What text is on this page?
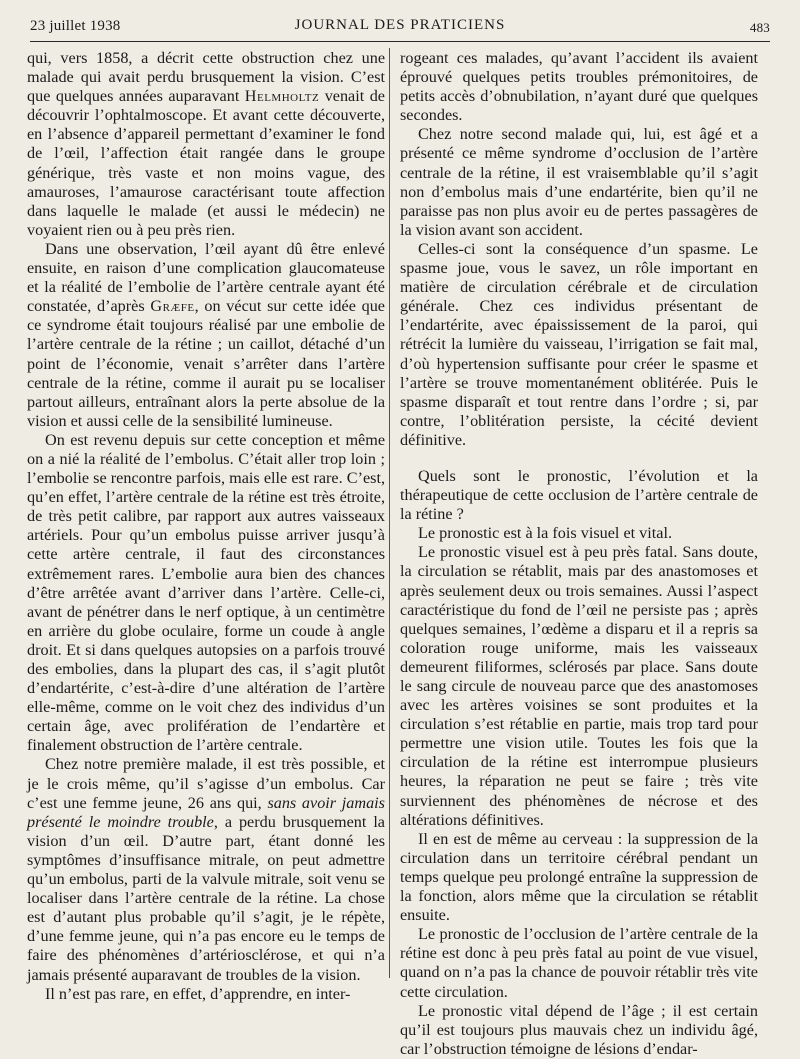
23 juillet 1938	JOURNAL DES PRATICIENS	483

qui, vers 1858, a décrit cette obstruction chez une malade qui avait perdu brusquement la vision. C’est que quelques années auparavant Helmholtz venait de découvrir l’ophtalmoscope. Et avant cette découverte, en l’absence d’appareil permettant d’examiner le fond de l’œil, l’affection était rangée dans le groupe générique, très vaste et non moins vague, des amauroses, l’amaurose caractérisant toute affection dans laquelle le malade (et aussi le médecin) ne voyaient rien ou à peu près rien.

Dans une observation, l’œil ayant dû être enlevé ensuite, en raison d’une complication glaucomateuse et la réalité de l’embolie de l’artère centrale ayant été constatée, d’après Græfe, on vécut sur cette idée que ce syndrome était toujours réalisé par une embolie de l’artère centrale de la rétine ; un caillot, détaché d’un point de l’économie, venait s’arrêter dans l’artère centrale de la rétine, comme il aurait pu se localiser partout ailleurs, entraînant alors la perte absolue de la vision et aussi celle de la sensibilité lumineuse.

On est revenu depuis sur cette conception et même on a nié la réalité de l’embolus. C’était aller trop loin ; l’embolie se rencontre parfois, mais elle est rare. C’est, qu’en effet, l’artère centrale de la rétine est très étroite, de très petit calibre, par rapport aux autres vaisseaux artériels. Pour qu’un embolus puisse arriver jusqu’à cette artère centrale, il faut des circonstances extrêmement rares. L’embolie aura bien des chances d’être arrêtée avant d’arriver dans l’artère. Celle-ci, avant de pénétrer dans le nerf optique, à un centimètre en arrière du globe oculaire, forme un coude à angle droit. Et si dans quelques autopsies on a parfois trouvé des embolies, dans la plupart des cas, il s’agit plutôt d’endartérite, c’est-à-dire d’une altération de l’artère elle-même, comme on le voit chez des individus d’un certain âge, avec prolifération de l’endartère et finalement obstruction de l’artère centrale.

Chez notre première malade, il est très possible, et je le crois même, qu’il s’agisse d’un embolus. Car c’est une femme jeune, 26 ans qui, sans avoir jamais présenté le moindre trouble, a perdu brusquement la vision d’un œil. D’autre part, étant donné les symptômes d’insuffisance mitrale, on peut admettre qu’un embolus, parti de la valvule mitrale, soit venu se localiser dans l’artère centrale de la rétine. La chose est d’autant plus probable qu’il s’agit, je le répète, d’une femme jeune, qui n’a pas encore eu le temps de faire des phénomènes d’artériosclérose, et qui n’a jamais présenté auparavant de troubles de la vision.

Il n’est pas rare, en effet, d’apprendre, en inter-

rogeant ces malades, qu’avant l’accident ils avaient éprouvé quelques petits troubles prémonitoires, de petits accès d’obnubilation, n’ayant duré que quelques secondes.

Chez notre second malade qui, lui, est âgé et a présenté ce même syndrome d’occlusion de l’artère centrale de la rétine, il est vraisemblable qu’il s’agit non d’embolus mais d’une endartérite, bien qu’il ne paraisse pas non plus avoir eu de pertes passagères de la vision avant son accident.

Celles-ci sont la conséquence d’un spasme. Le spasme joue, vous le savez, un rôle important en matière de circulation cérébrale et de circulation générale. Chez ces individus présentant de l’endartérite, avec épaississement de la paroi, qui rétrécit la lumière du vaisseau, l’irrigation se fait mal, d’où hypertension suffisante pour créer le spasme et l’artère se trouve momentanément oblitérée. Puis le spasme disparaît et tout rentre dans l’ordre ; si, par contre, l’oblitération persiste, la cécité devient définitive.

Quels sont le pronostic, l’évolution et la thérapeutique de cette occlusion de l’artère centrale de la rétine ?

Le pronostic est à la fois visuel et vital.

Le pronostic visuel est à peu près fatal. Sans doute, la circulation se rétablit, mais par des anastomoses et après seulement deux ou trois semaines. Aussi l’aspect caractéristique du fond de l’œil ne persiste pas ; après quelques semaines, l’œdème a disparu et il a repris sa coloration rouge uniforme, mais les vaisseaux demeurent filiformes, sclérosés par place. Sans doute le sang circule de nouveau parce que des anastomoses avec les artères voisines se sont produites et la circulation s’est rétablie en partie, mais trop tard pour permettre une vision utile. Toutes les fois que la circulation de la rétine est interrompue plusieurs heures, la réparation ne peut se faire ; très vite surviennent des phénomènes de nécrose et des altérations définitives.

Il en est de même au cerveau : la suppression de la circulation dans un territoire cérébral pendant un temps quelque peu prolongé entraîne la suppression de la fonction, alors même que la circulation se rétablit ensuite.

Le pronostic de l’occlusion de l’artère centrale de la rétine est donc à peu près fatal au point de vue visuel, quand on n’a pas la chance de pouvoir rétablir très vite cette circulation.

Le pronostic vital dépend de l’âge ; il est certain qu’il est toujours plus mauvais chez un individu âgé, car l’obstruction témoigne de lésions d’endar-
